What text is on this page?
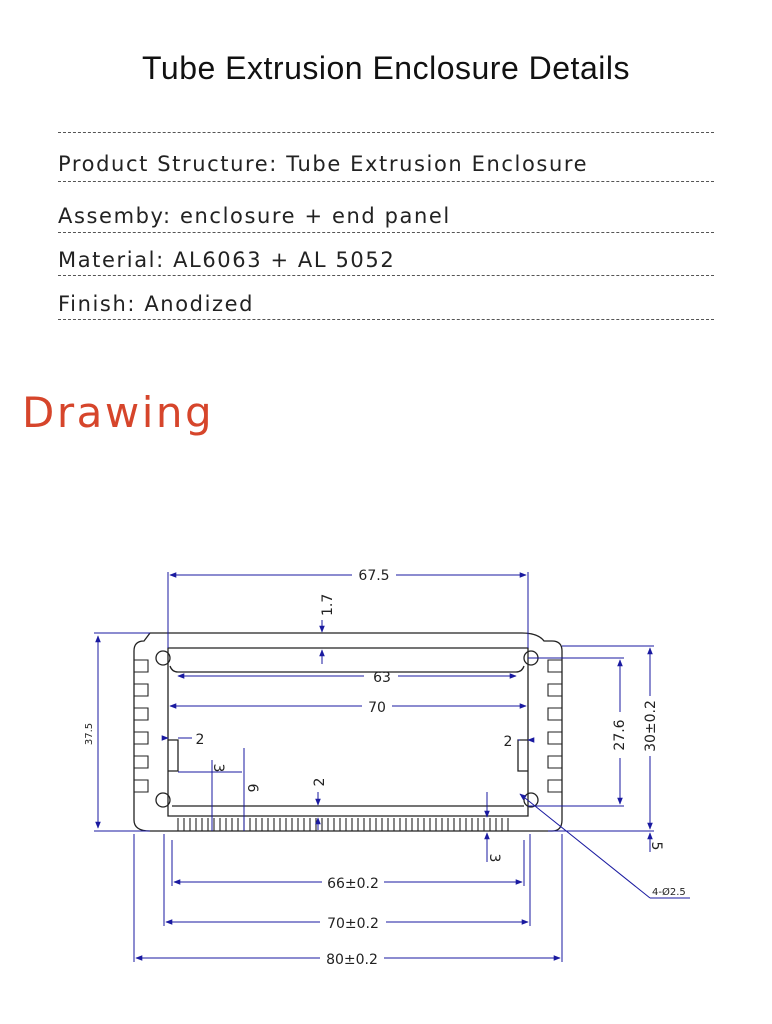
Tube Extrusion Enclosure Details
Product Structure: Tube Extrusion Enclosure
Assemby: enclosure + end panel
Material: AL6063 + AL 5052
Finish: Anodized
Drawing
67.5
1.7
63
70
2	2
3
6
2
27.6 30±0.2
37.5
3
5
66±0.2
70±0.2
80±0.2
4-Ø2.5
